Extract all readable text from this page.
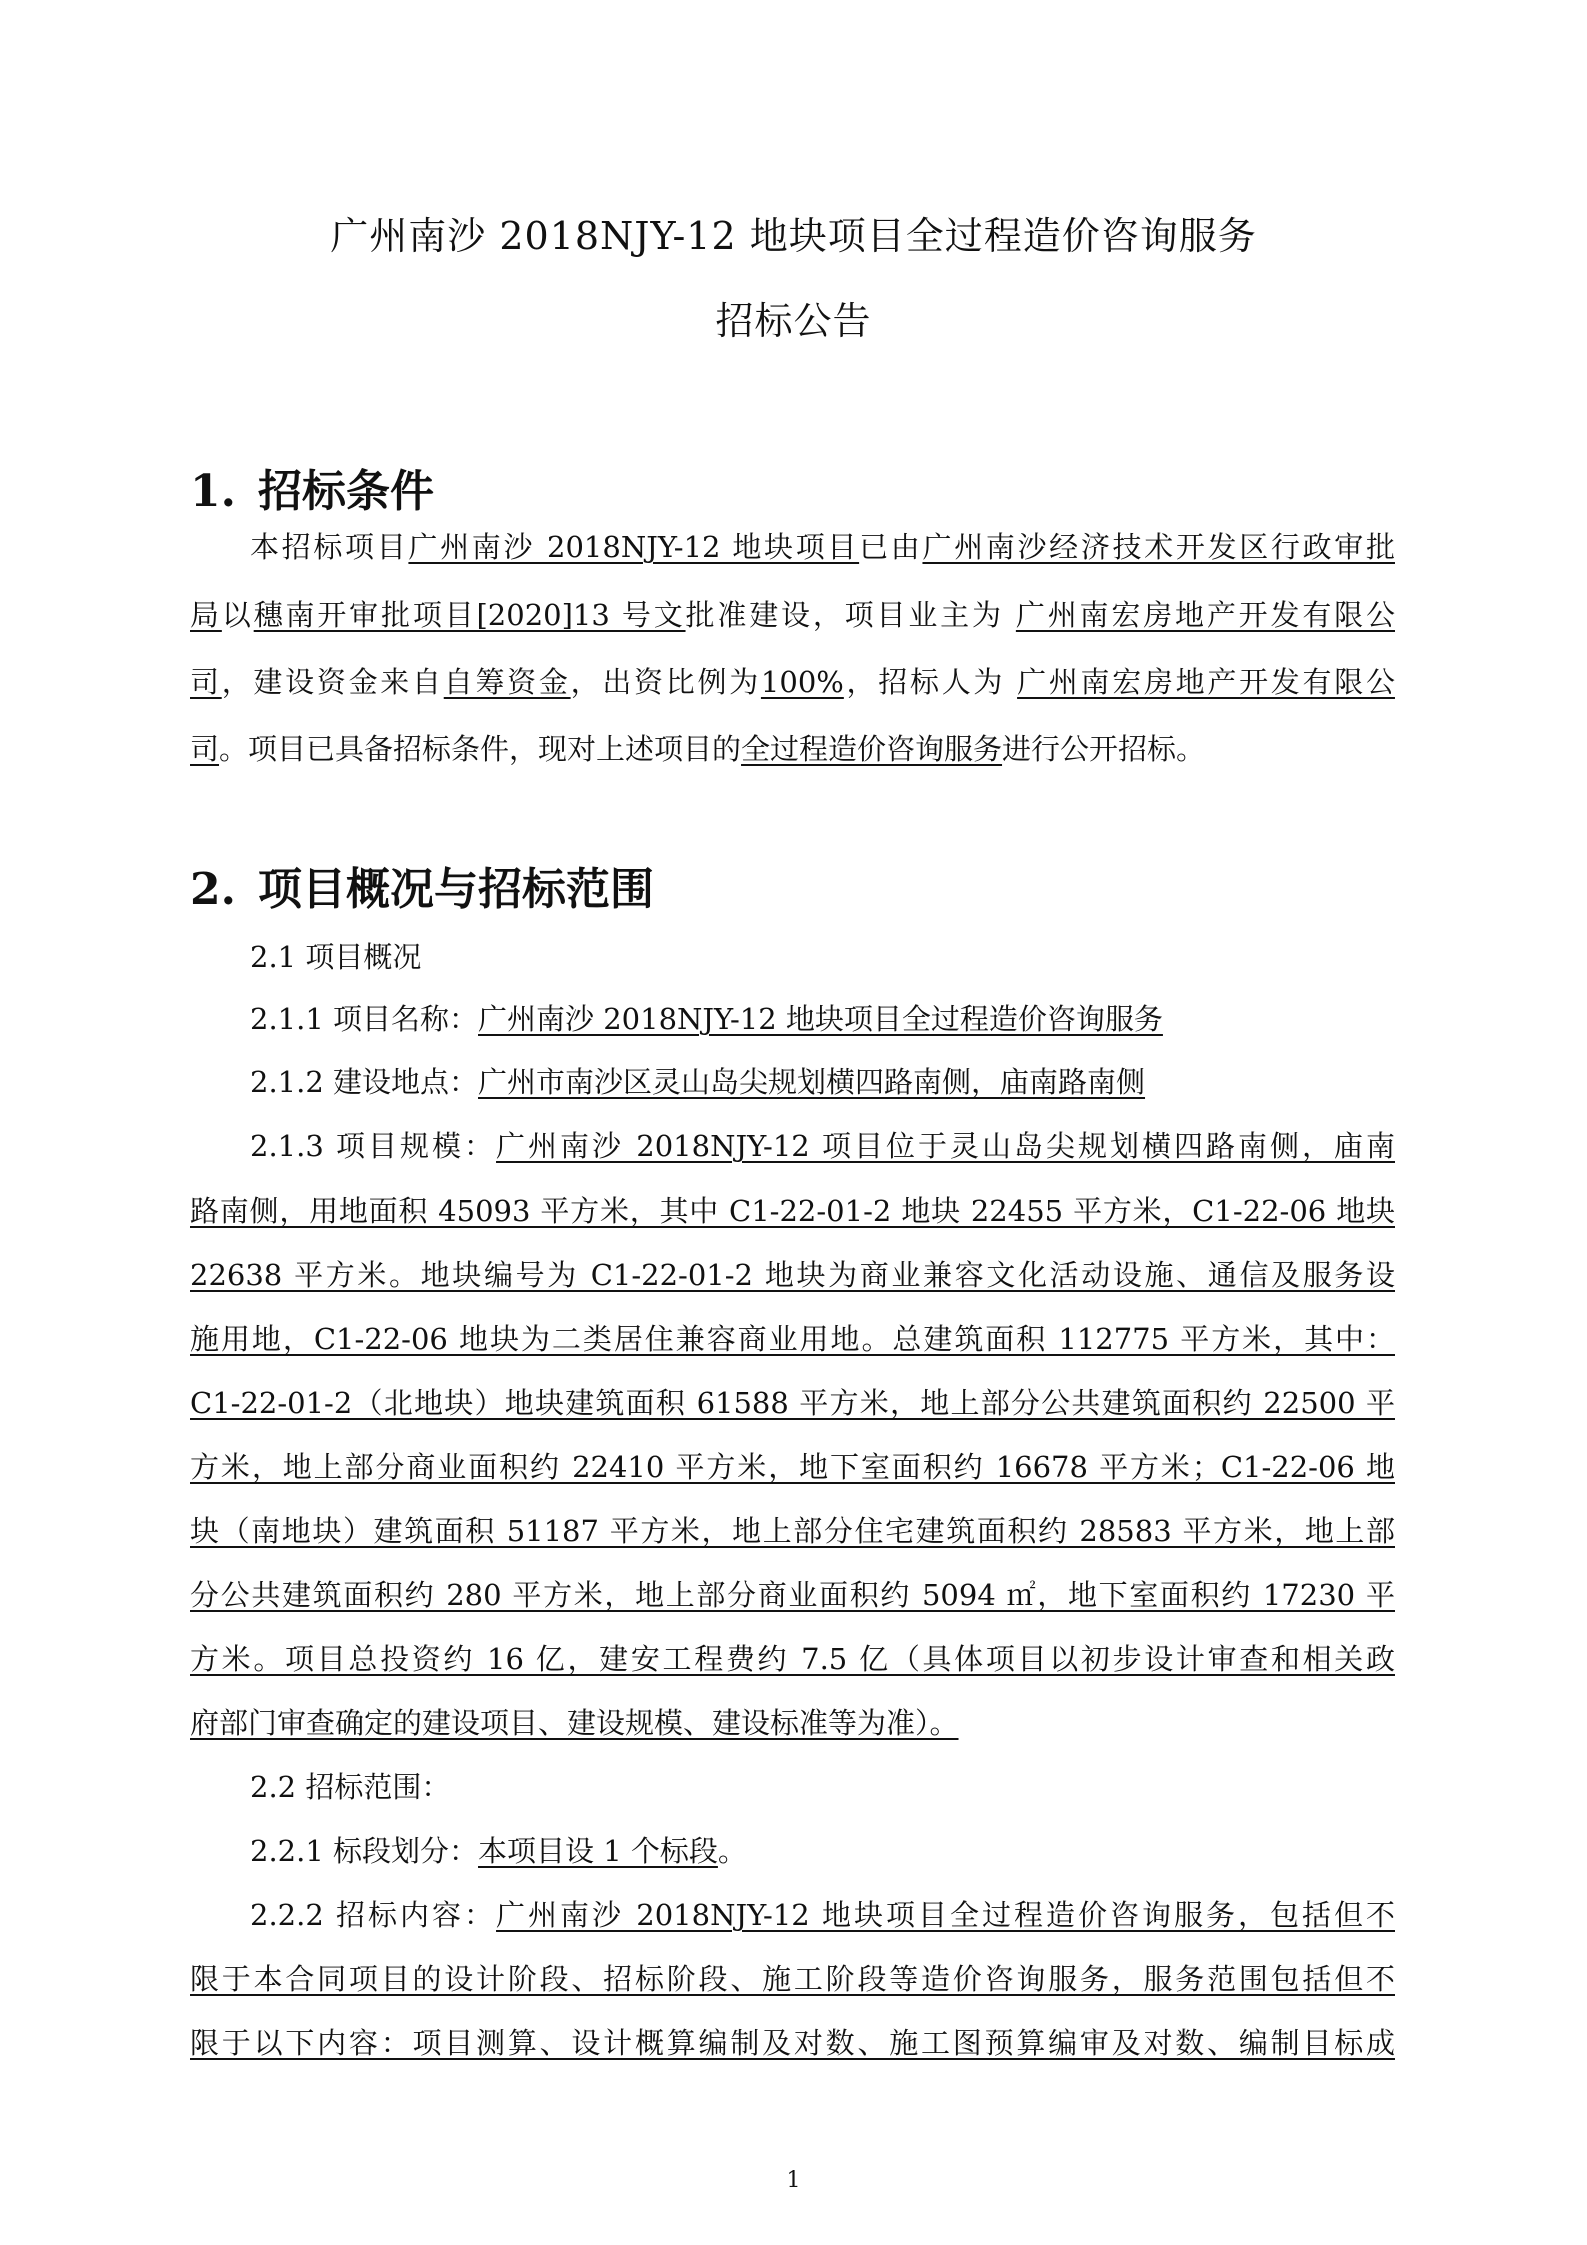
广州南沙 2018NJY-12 地块项目全过程造价咨询服务
招标公告
1. 招标条件
本招标项目广州南沙 2018NJY-12 地块项目已由广州南沙经济技术开发区行政审批
局以穗南开审批项目[2020]13 号文批准建设，项目业主为 广州南宏房地产开发有限公
司，建设资金来自自筹资金，出资比例为100%，招标人为 广州南宏房地产开发有限公
司。项目已具备招标条件，现对上述项目的全过程造价咨询服务进行公开招标。
2. 项目概况与招标范围
2.1 项目概况
2.1.1 项目名称：广州南沙 2018NJY-12 地块项目全过程造价咨询服务
2.1.2 建设地点：广州市南沙区灵山岛尖规划横四路南侧，庙南路南侧
2.1.3 项目规模：广州南沙 2018NJY-12 项目位于灵山岛尖规划横四路南侧，庙南
路南侧，用地面积 45093 平方米，其中 C1-22-01-2 地块 22455 平方米，C1-22-06 地块
22638 平方米。地块编号为 C1-22-01-2 地块为商业兼容文化活动设施、通信及服务设
施用地，C1-22-06 地块为二类居住兼容商业用地。总建筑面积 112775 平方米，其中：
C1-22-01-2（北地块）地块建筑面积 61588 平方米，地上部分公共建筑面积约 22500 平
方米，地上部分商业面积约 22410 平方米，地下室面积约 16678 平方米；C1-22-06 地
块（南地块）建筑面积 51187 平方米，地上部分住宅建筑面积约 28583 平方米，地上部
分公共建筑面积约 280 平方米，地上部分商业面积约 5094 ㎡，地下室面积约 17230 平
方米。项目总投资约 16 亿，建安工程费约 7.5 亿（具体项目以初步设计审查和相关政
府部门审查确定的建设项目、建设规模、建设标准等为准）。
2.2 招标范围：
2.2.1 标段划分：本项目设 1 个标段。
2.2.2 招标内容：广州南沙 2018NJY-12 地块项目全过程造价咨询服务，包括但不
限于本合同项目的设计阶段、招标阶段、施工阶段等造价咨询服务，服务范围包括但不
限于以下内容：项目测算、设计概算编制及对数、施工图预算编审及对数、编制目标成
1
